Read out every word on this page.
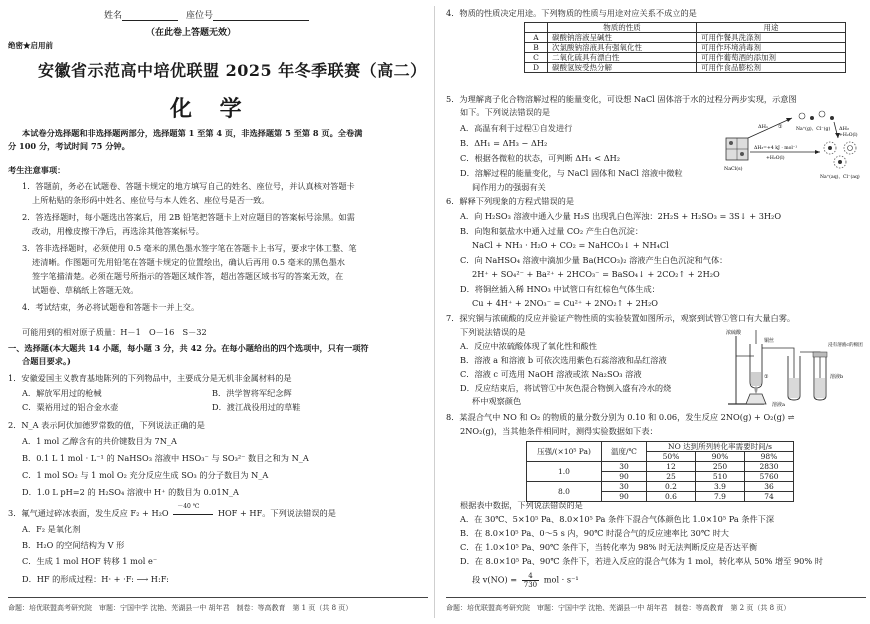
姓名	座位号
（在此卷上答题无效）
绝密★启用前
安徽省示范高中培优联盟 2025 年冬季联赛（高二）
化 学
本试卷分选择题和非选择题两部分，选择题第 1 至第 4 页，非选择题第 5 至第 8 页。全卷满
分 100 分，考试时间 75 分钟。
考生注意事项：
1．答题前，务必在试题卷、答题卡规定的地方填写自己的姓名、座位号，并认真核对答题卡
上所粘贴的条形码中姓名、座位号与本人姓名、座位号是否一致。
2．答选择题时，每小题选出答案后，用 2B 铅笔把答题卡上对应题目的答案标号涂黑。如需
改动，用橡皮擦干净后，再选涂其他答案标号。
3．答非选择题时，必须使用 0.5 毫米的黑色墨水签字笔在答题卡上书写，要求字体工整、笔
迹清晰。作图题可先用铅笔在答题卡规定的位置绘出，确认后再用 0.5 毫米的黑色墨水
签字笔描清楚。必须在题号所指示的答题区域作答，超出答题区域书写的答案无效，在
试题卷、草稿纸上答题无效。
4．考试结束，务必将试题卷和答题卡一并上交。
可能用到的相对原子质量：H－1　O－16　S－32
一、选择题(本大题共 14 小题，每小题 3 分，共 42 分。在每小题给出的四个选项中，只有一项符
合题目要求。)
1．安徽爱国主义教育基地陈列的下列物品中，主要成分是无机非金属材料的是
A．解放军用过的枪械	B．洪学智将军纪念辉
C．粟裕用过的铝合金水壶	D．渡江战役用过的草鞋
2．N_A 表示阿伏加德罗常数的值，下列说法正确的是
A．1 mol 乙醇含有的共价键数目为 7N_A
B．0.1 L 1 mol · L⁻¹ 的 NaHSO₃ 溶液中 HSO₃⁻ 与 SO₃²⁻ 数目之和为 N_A
C．1 mol SO₂ 与 1 mol O₂ 充分反应生成 SO₃ 的分子数目为 N_A
D．1.0 L pH=2 的 H₂SO₄ 溶液中 H⁺ 的数目为 0.01N_A
3．氟气通过碎冰表面，发生反应 F₂ + H₂O
－40 ℃
HOF + HF。下列说法错误的是
A．F₂ 是氧化剂
B．H₂O 的空间结构为 V 形
C．生成 1 mol HOF 转移 1 mol e⁻
D．HF 的形成过程：H· + ·F: ⟶ H:F:
命题：培优联盟高考研究院　审题：宁国中学 沈艳、芜湖县一中 胡年君　制卷：等高教育　第 1 页（共 8 页）
4．物质的性质决定用途。下列物质的性质与用途对应关系不成立的是
	物质的性质	用途
A	碳酸钠溶液呈碱性	可用作餐具洗涤剂
B	次氯酸钠溶液具有强氧化性	可用作环境消毒剂
C	二氧化硫具有漂白性	可用作葡萄酒的添加剂
D	碳酸氢铵受热分解	可用作食品膨松剂
5．为理解离子化合物溶解过程的能量变化，可设想 NaCl 固体溶于水的过程分两步实现，示意图
如下。下列说法错误的是
A．高温有利于过程①自发进行
B．ΔH₁ = ΔH₃ − ΔH₂
C．根据各微粒的状态，可判断 ΔH₁ < ΔH₂
D．溶解过程的能量变化，与 NaCl 固体和 NaCl 溶液中微粒
间作用力的强弱有关
ΔH₁ ①	Na⁺(g)、Cl⁻(g) ΔH₂
+H₂O(l)
ΔH₃=+4 kJ · mol⁻¹
+H₂O(l)
NaCl(s)
Na⁺(aq)、Cl⁻(aq)
6．解释下列现象的方程式错误的是
A．向 H₂SO₃ 溶液中通入少量 H₂S 出现乳白色浑浊：2H₂S + H₂SO₃ = 3S↓ + 3H₂O
B．向饱和氨盐水中通入过量 CO₂ 产生白色沉淀：
NaCl + NH₃ · H₂O + CO₂ = NaHCO₃↓ + NH₄Cl
C．向 NaHSO₄ 溶液中滴加少量 Ba(HCO₃)₂ 溶液产生白色沉淀和气体：
2H⁺ + SO₄²⁻ + Ba²⁺ + 2HCO₃⁻ = BaSO₄↓ + 2CO₂↑ + 2H₂O
D．将铜丝插入稀 HNO₃ 中试管口有红棕色气体生成：
Cu + 4H⁺ + 2NO₃⁻ = Cu²⁺ + 2NO₂↑ + 2H₂O
7．探究铜与浓硫酸的反应并验证产物性质的实验装置如图所示，观察到试管①管口有大量白雾。
下列说法错误的是
A．反应中浓硫酸体现了氧化性和酸性
B．溶液 a 和溶液 b 可依次选用紫色石蕊溶液和品红溶液
C．溶液 c 可选用 NaOH 溶液或浓 Na₂SO₃ 溶液
D．反应结束后，将试管①中灰色混合物倒入盛有冷水的烧
杯中观察颜色
铜丝
浓硫酸
①
溶液a
溶液b
浸有溶液c的棉团
8．某混合气中 NO 和 O₂ 的物质的量分数分别为 0.10 和 0.06，发生反应 2NO(g) + O₂(g) ⇌
2NO₂(g)，当其他条件相同时，测得实验数据如下表：
压强/(×10⁵ Pa)	温度/℃	NO 达到所列转化率需要时间/s		
		50%	90%	98%
1.0	30	12	250	2830
	90	25	510	5760
8.0	30	0.2	3.9	36
	90	0.6	7.9	74
根据表中数据，下列说法错误的是
A．在 30℃、5×10⁵ Pa、8.0×10⁵ Pa 条件下混合气体颜色比 1.0×10⁵ Pa 条件下深
B．在 8.0×10⁵ Pa、0～5 s 内，90℃ 时混合气的反应速率比 30℃ 时大
C．在 1.0×10⁵ Pa、90℃ 条件下，当转化率为 98% 时无法判断反应是否达平衡
D．在 8.0×10⁵ Pa、90℃ 条件下，若进入反应的混合气体为 1 mol，转化率从 50% 增至 90% 时
段 $v(NO) = \frac{4}{730}$ mol · s⁻¹
命题：培优联盟高考研究院　审题：宁国中学 沈艳、芜湖县一中 胡年君　制卷：等高教育　第 2 页（共 8 页）
